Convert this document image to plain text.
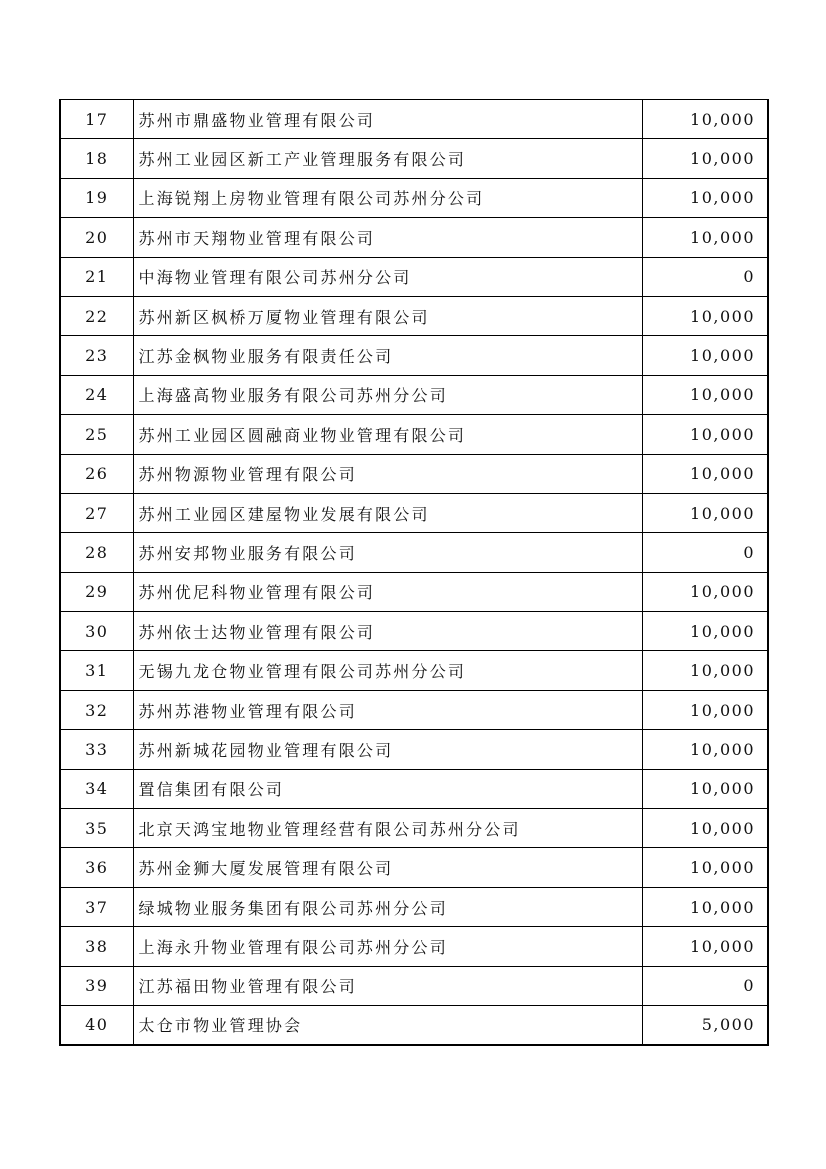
17	苏州市鼎盛物业管理有限公司	10,000
18	苏州工业园区新工产业管理服务有限公司	10,000
19	上海锐翔上房物业管理有限公司苏州分公司	10,000
20	苏州市天翔物业管理有限公司	10,000
21	中海物业管理有限公司苏州分公司	0
22	苏州新区枫桥万厦物业管理有限公司	10,000
23	江苏金枫物业服务有限责任公司	10,000
24	上海盛高物业服务有限公司苏州分公司	10,000
25	苏州工业园区圆融商业物业管理有限公司	10,000
26	苏州物源物业管理有限公司	10,000
27	苏州工业园区建屋物业发展有限公司	10,000
28	苏州安邦物业服务有限公司	0
29	苏州优尼科物业管理有限公司	10,000
30	苏州依士达物业管理有限公司	10,000
31	无锡九龙仓物业管理有限公司苏州分公司	10,000
32	苏州苏港物业管理有限公司	10,000
33	苏州新城花园物业管理有限公司	10,000
34	置信集团有限公司	10,000
35	北京天鸿宝地物业管理经营有限公司苏州分公司	10,000
36	苏州金狮大厦发展管理有限公司	10,000
37	绿城物业服务集团有限公司苏州分公司	10,000
38	上海永升物业管理有限公司苏州分公司	10,000
39	江苏福田物业管理有限公司	0
40	太仓市物业管理协会	5,000
